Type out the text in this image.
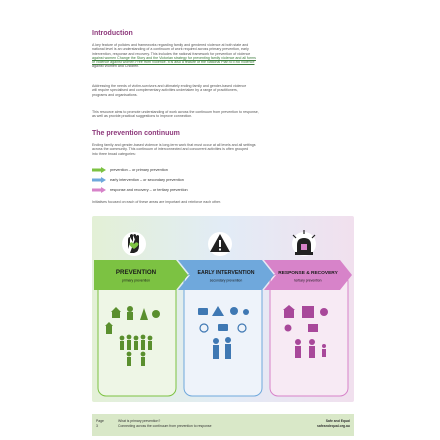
Introduction
A key feature of policies and frameworks regarding family and gendered violence at both state and
national level is an understanding of a continuum of work required across primary prevention, early
intervention, response and recovery. This includes the national framework for prevention of violence
against women Change the Story and the Victorian strategy for preventing family violence and all forms
of violence against women Free from Violence. It is also a feature of the National Plan to End Violence
against Women and Children.
Addressing the needs of victim-survivors and ultimately ending family and gender-based violence
will require specialised and complementary activities undertaken by a range of practitioners,
programs and organisations.
This resource aims to promote understanding of work across the continuum from prevention to response,
as well as provide practical suggestions to improve connection.
The prevention continuum
Ending family and gender-based violence is long-term work that must occur at all levels and all settings
across the community. This continuum of interconnected and concurrent activities is often grouped
into three broad categories:
prevention – or primary prevention
early intervention – or secondary prevention
response and recovery – or tertiary prevention
Initiatives focused on each of these areas are important and reinforce each other.
PREVENTION
primary prevention
EARLY INTERVENTION
secondary prevention
RESPONSE & RECOVERY
tertiary prevention
Page
3
What is primary prevention?
Connecting across the continuum from prevention to response
Safe and Equal
safeandequal.org.au
